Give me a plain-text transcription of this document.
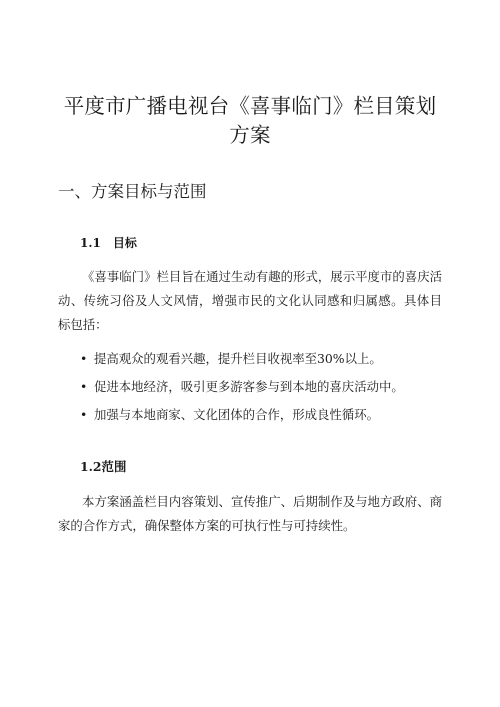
平度市广播电视台《喜事临门》栏目策划方案
一、方案目标与范围
1.1 目标

《喜事临门》栏目旨在通过生动有趣的形式，展示平度市的喜庆活动、传统习俗及人文风情，增强市民的文化认同感和归属感。具体目标包括：

• 提高观众的观看兴趣，提升栏目收视率至30%以上。
• 促进本地经济，吸引更多游客参与到本地的喜庆活动中。
• 加强与本地商家、文化团体的合作，形成良性循环。
1.2范围

本方案涵盖栏目内容策划、宣传推广、后期制作及与地方政府、商家的合作方式，确保整体方案的可执行性与可持续性。
